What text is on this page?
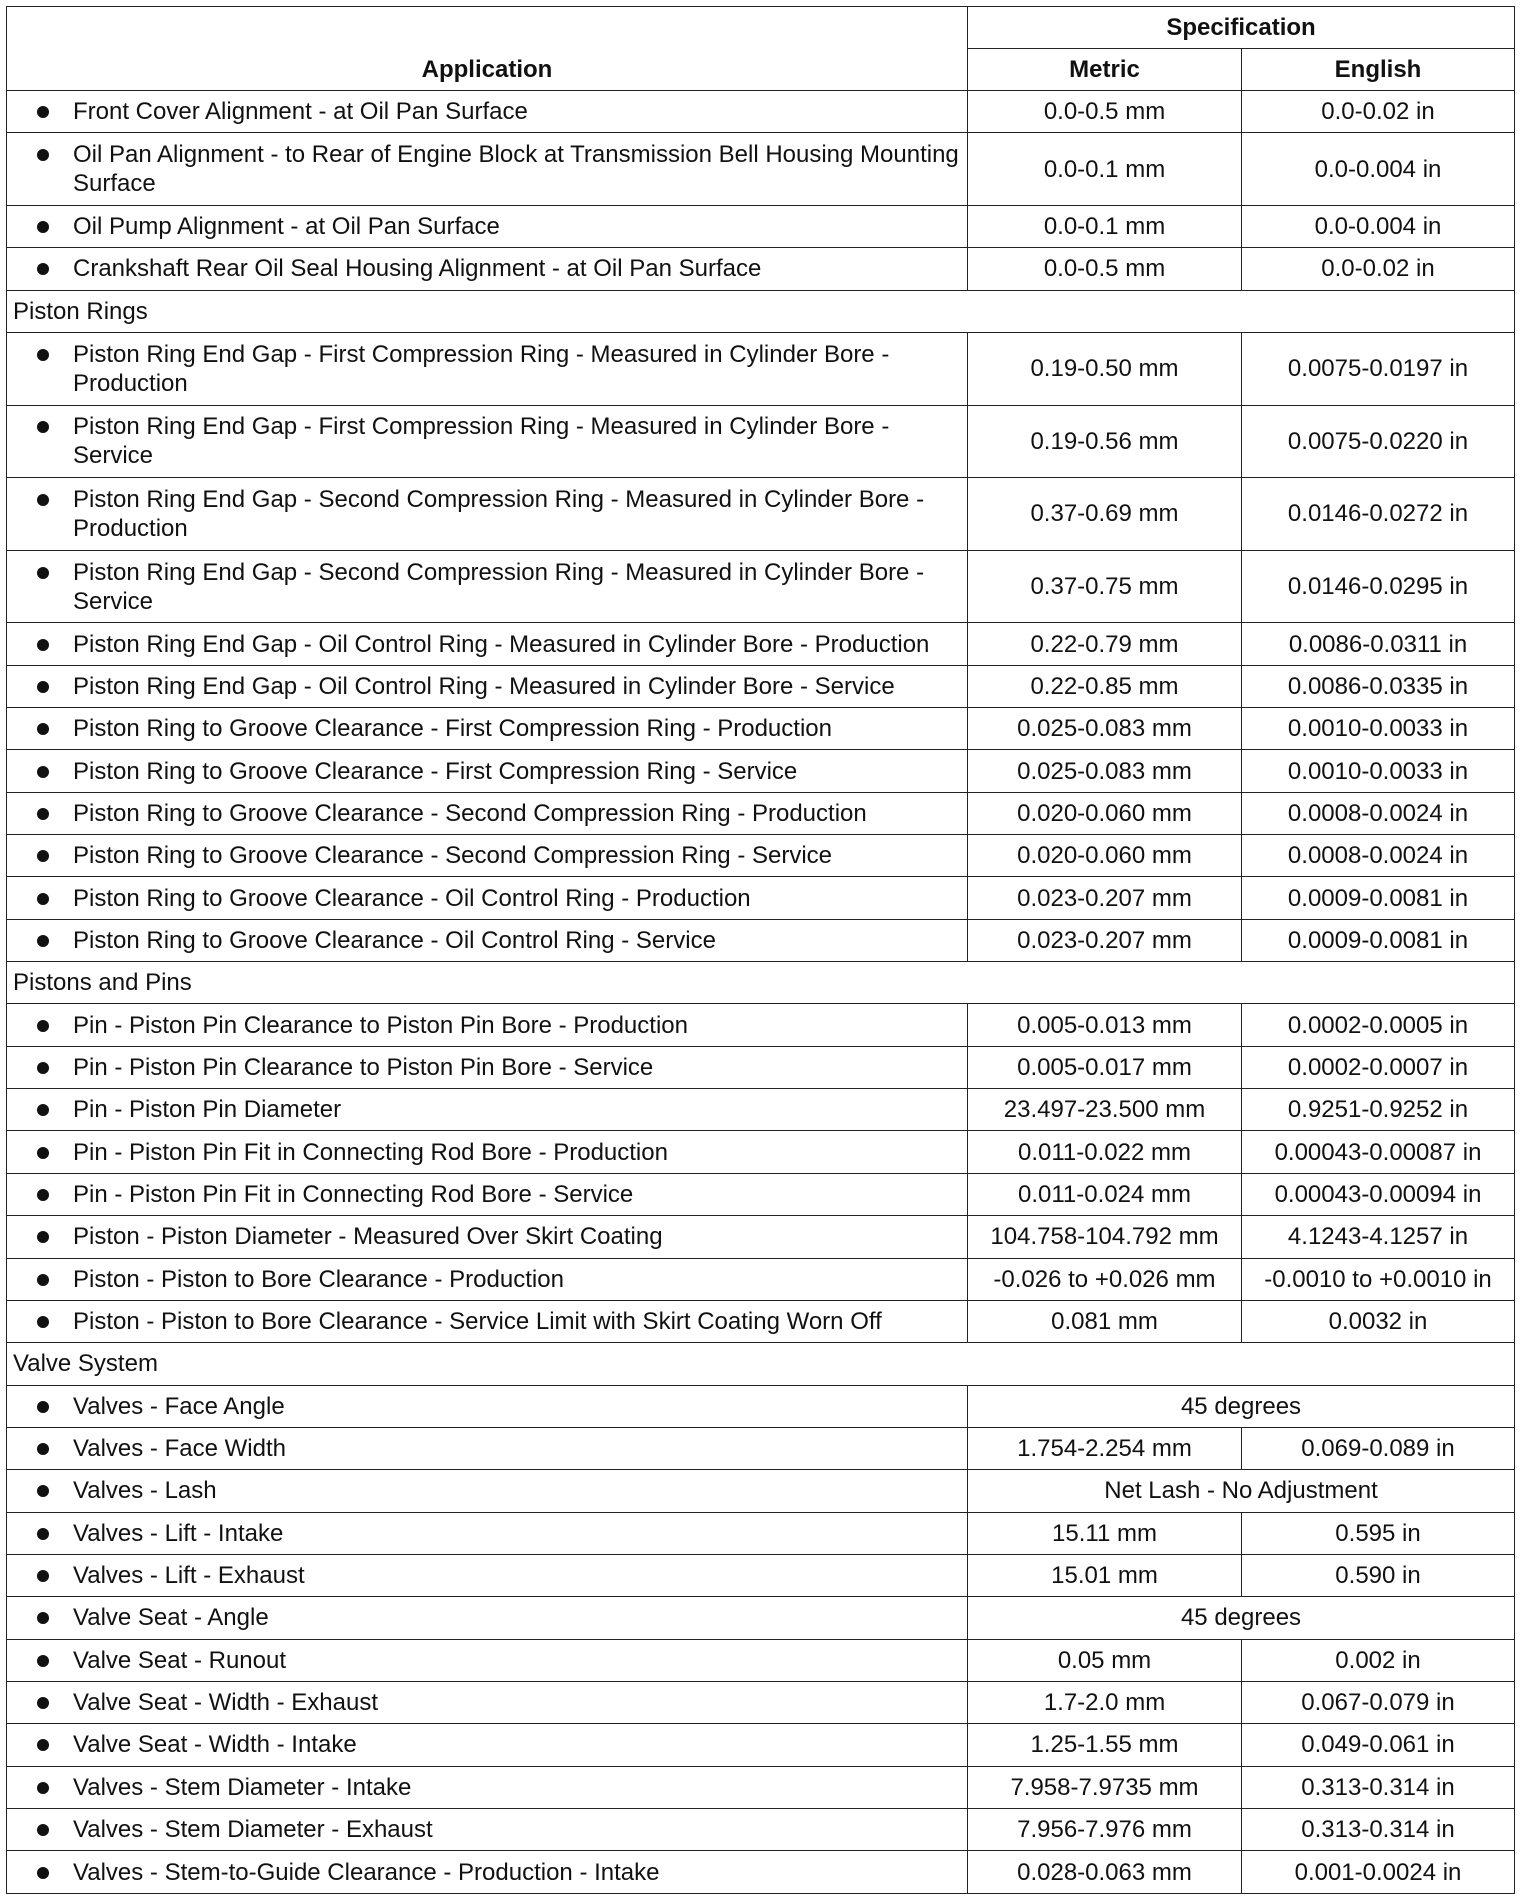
Application	Specification	
	Metric	English

Front Cover Alignment - at Oil Pan Surface	0.0-0.5 mm	0.0-0.02 in

Oil Pan Alignment - to Rear of Engine Block at Transmission Bell Housing Mounting Surface	0.0-0.1 mm	0.0-0.004 in

Oil Pump Alignment - at Oil Pan Surface	0.0-0.1 mm	0.0-0.004 in

Crankshaft Rear Oil Seal Housing Alignment - at Oil Pan Surface	0.0-0.5 mm	0.0-0.02 in
Piston Rings		

Piston Ring End Gap - First Compression Ring - Measured in Cylinder Bore - Production	0.19-0.50 mm	0.0075-0.0197 in

Piston Ring End Gap - First Compression Ring - Measured in Cylinder Bore - Service	0.19-0.56 mm	0.0075-0.0220 in

Piston Ring End Gap - Second Compression Ring - Measured in Cylinder Bore - Production	0.37-0.69 mm	0.0146-0.0272 in

Piston Ring End Gap - Second Compression Ring - Measured in Cylinder Bore - Service	0.37-0.75 mm	0.0146-0.0295 in

Piston Ring End Gap - Oil Control Ring - Measured in Cylinder Bore - Production	0.22-0.79 mm	0.0086-0.0311 in

Piston Ring End Gap - Oil Control Ring - Measured in Cylinder Bore - Service	0.22-0.85 mm	0.0086-0.0335 in

Piston Ring to Groove Clearance - First Compression Ring - Production	0.025-0.083 mm	0.0010-0.0033 in

Piston Ring to Groove Clearance - First Compression Ring - Service	0.025-0.083 mm	0.0010-0.0033 in

Piston Ring to Groove Clearance - Second Compression Ring - Production	0.020-0.060 mm	0.0008-0.0024 in

Piston Ring to Groove Clearance - Second Compression Ring - Service	0.020-0.060 mm	0.0008-0.0024 in

Piston Ring to Groove Clearance - Oil Control Ring - Production	0.023-0.207 mm	0.0009-0.0081 in

Piston Ring to Groove Clearance - Oil Control Ring - Service	0.023-0.207 mm	0.0009-0.0081 in
Pistons and Pins		

Pin - Piston Pin Clearance to Piston Pin Bore - Production	0.005-0.013 mm	0.0002-0.0005 in

Pin - Piston Pin Clearance to Piston Pin Bore - Service	0.005-0.017 mm	0.0002-0.0007 in

Pin - Piston Pin Diameter	23.497-23.500 mm	0.9251-0.9252 in

Pin - Piston Pin Fit in Connecting Rod Bore - Production	0.011-0.022 mm	0.00043-0.00087 in

Pin - Piston Pin Fit in Connecting Rod Bore - Service	0.011-0.024 mm	0.00043-0.00094 in

Piston - Piston Diameter - Measured Over Skirt Coating	104.758-104.792 mm	4.1243-4.1257 in

Piston - Piston to Bore Clearance - Production	-0.026 to +0.026 mm	-0.0010 to +0.0010 in

Piston - Piston to Bore Clearance - Service Limit with Skirt Coating Worn Off	0.081 mm	0.0032 in
Valve System		

Valves - Face Angle	45 degrees	

Valves - Face Width	1.754-2.254 mm	0.069-0.089 in

Valves - Lash	Net Lash - No Adjustment	

Valves - Lift - Intake	15.11 mm	0.595 in

Valves - Lift - Exhaust	15.01 mm	0.590 in

Valve Seat - Angle	45 degrees	

Valve Seat - Runout	0.05 mm	0.002 in

Valve Seat - Width - Exhaust	1.7-2.0 mm	0.067-0.079 in

Valve Seat - Width - Intake	1.25-1.55 mm	0.049-0.061 in

Valves - Stem Diameter - Intake	7.958-7.9735 mm	0.313-0.314 in

Valves - Stem Diameter - Exhaust	7.956-7.976 mm	0.313-0.314 in

Valves - Stem-to-Guide Clearance - Production - Intake	0.028-0.063 mm	0.001-0.0024 in
